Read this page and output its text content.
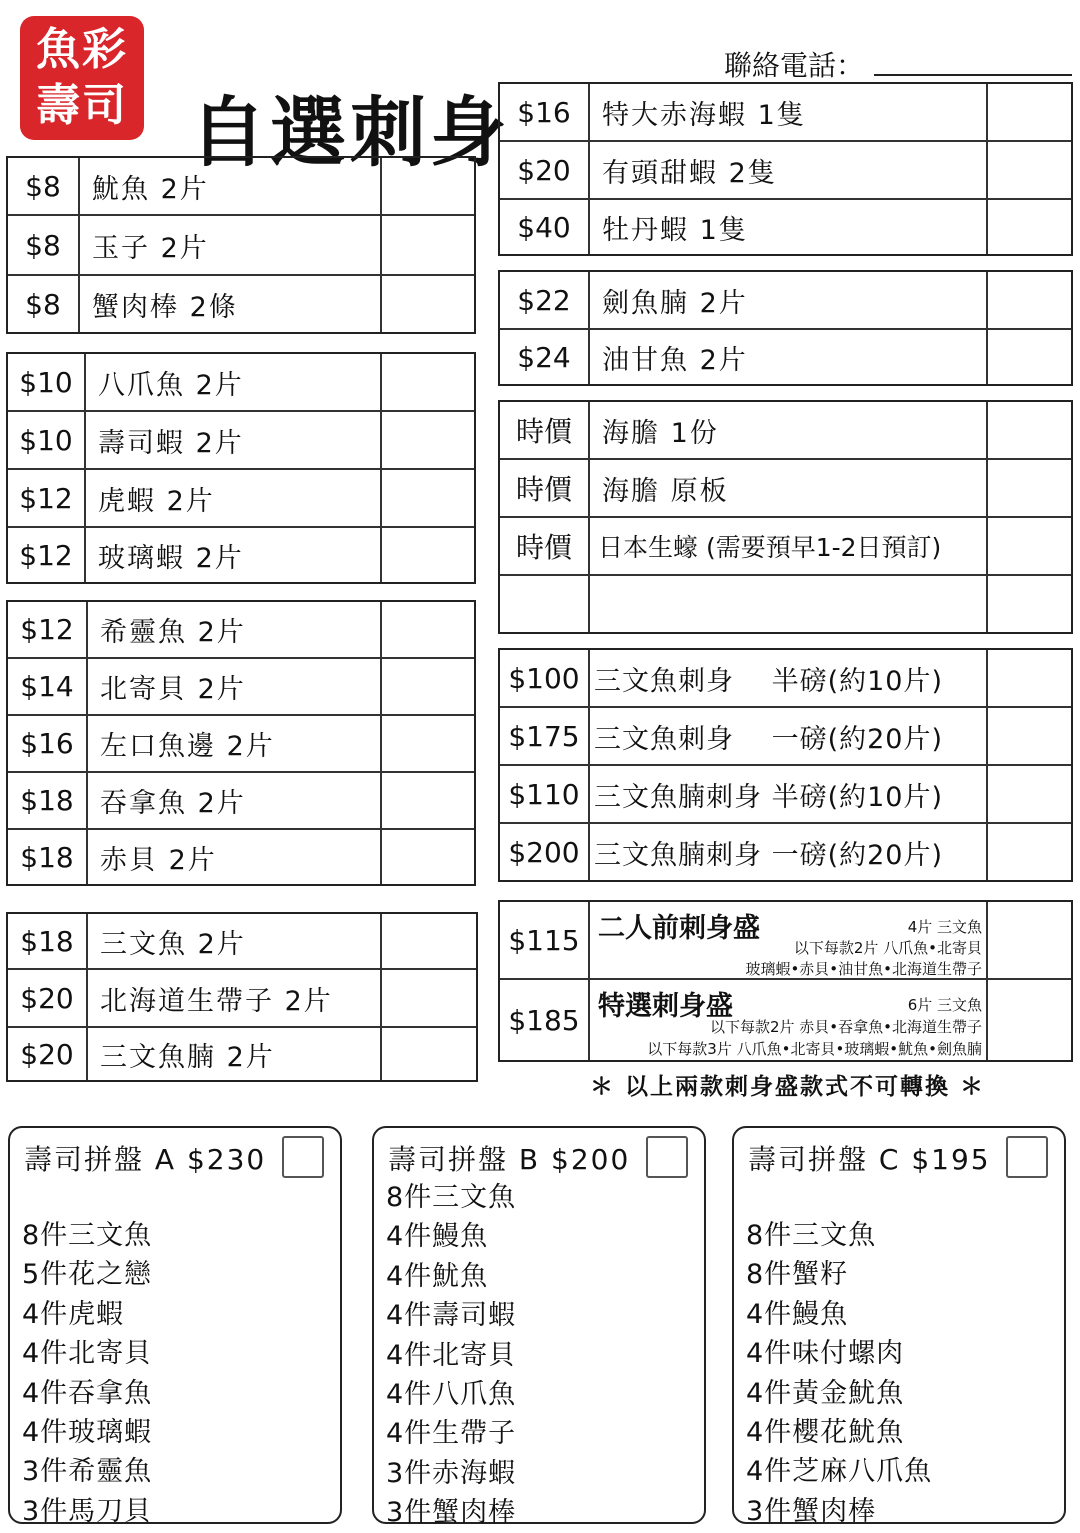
魚彩
壽司 自選刺身
聯絡電話：
$8	魷魚 2片
$8	玉子 2片
$8	蟹肉棒 2條
$10 八爪魚 2片
$10 壽司蝦 2片
$12 虎蝦 2片
$12 玻璃蝦 2片
$12 希靈魚 2片
$14 北寄貝 2片
$16 左口魚邊 2片
$18 吞拿魚 2片
$18 赤貝 2片
$18 三文魚 2片
$20 北海道生帶子 2片
$20 三文魚腩 2片
$16	特大赤海蝦 1隻
$20	有頭甜蝦 2隻
$40	牡丹蝦 1隻
$22	劍魚腩 2片
$24	油甘魚 2片
時價	海膽 1份
時價	海膽 原板
時價	日本生蠔 (需要預早1-2日預訂)
$100 三文魚刺身　 半磅(約10片)
$175 三文魚刺身　 一磅(約20片)
$110 三文魚腩刺身 半磅(約10片)
$200 三文魚腩刺身 一磅(約20片)
$115 二人前刺身盛	4片 三文魚
以下每款2片 八爪魚•北寄貝
玻璃蝦•赤貝•油甘魚•北海道生帶子
$185 特選刺身盛	6片 三文魚
以下每款2片 赤貝•吞拿魚•北海道生帶子
以下每款3片 八爪魚•北寄貝•玻璃蝦•魷魚•劍魚腩
＊ 以上兩款刺身盛款式不可轉換 ＊
壽司拼盤 A $230
8件三文魚
5件花之戀
4件虎蝦
4件北寄貝
4件吞拿魚
4件玻璃蝦
3件希靈魚
3件馬刀貝
壽司拼盤 B $200
8件三文魚
4件鰻魚
4件魷魚
4件壽司蝦
4件北寄貝
4件八爪魚
4件生帶子
3件赤海蝦
3件蟹肉棒
壽司拼盤 C $195
8件三文魚
8件蟹籽
4件鰻魚
4件味付螺肉
4件黃金魷魚
4件櫻花魷魚
4件芝麻八爪魚
3件蟹肉棒
